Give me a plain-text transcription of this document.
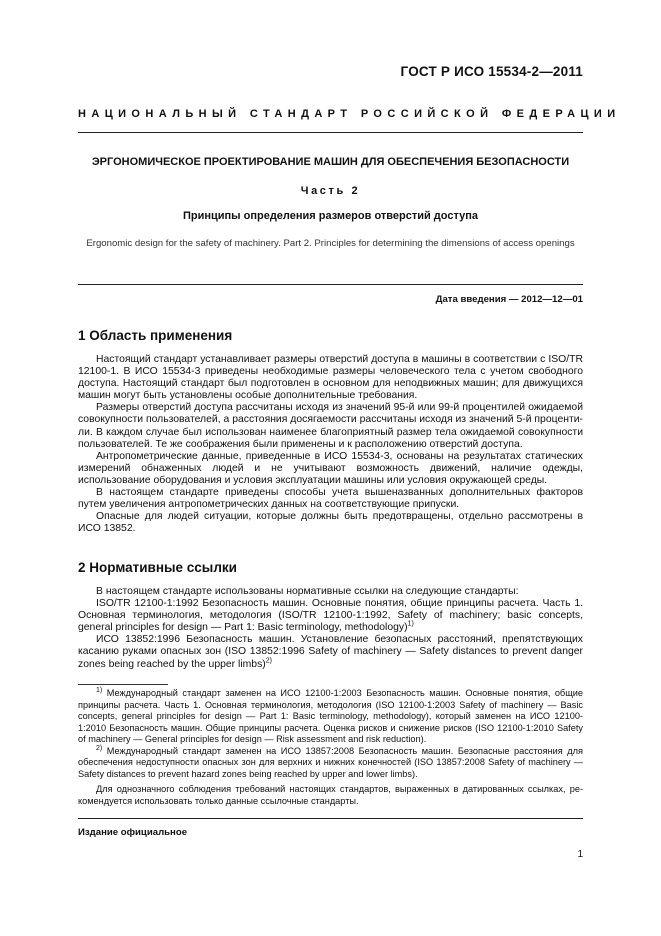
ГОСТ Р ИСО 15534-2—2011
НАЦИОНАЛЬНЫЙ СТАНДАРТ РОССИЙСКОЙ ФЕДЕРАЦИИ
ЭРГОНОМИЧЕСКОЕ ПРОЕКТИРОВАНИЕ МАШИН ДЛЯ ОБЕСПЕЧЕНИЯ БЕЗОПАСНОСТИ
Часть 2
Принципы определения размеров отверстий доступа
Ergonomic design for the safety of machinery. Part 2. Principles for determining the dimensions of access openings
Дата введения — 2012—12—01
1 Область применения

Настоящий стандарт устанавливает размеры отверстий доступа в машины в соответствии с ISO/TR 12100-1. В ИСО 15534-3 приведены необходимые размеры человеческого тела с учетом свободного доступа. Настоящий стандарт был подготовлен в основном для неподвижных машин; для движущихся машин могут быть установлены особые дополнительные требования.

Размеры отверстий доступа рассчитаны исходя из значений 95-й или 99-й процентилей ожидаемой совокупности пользователей, а расстояния досягаемости рассчитаны исходя из значений 5-й процентили. В каждом случае был использован наименее благоприятный размер тела ожидаемой совокупности пользователей. Те же соображения были применены и к расположению отверстий доступа.

Антропометрические данные, приведенные в ИСО 15534-3, основаны на результатах статических измерений обнаженных людей и не учитывают возможность движений, наличие одежды, использование оборудования и условия эксплуатации машины или условия окружающей среды.

В настоящем стандарте приведены способы учета вышеназванных дополнительных факторов путем увеличения антропометрических данных на соответствующие припуски.

Опасные для людей ситуации, которые должны быть предотвращены, отдельно рассмотрены в ИСО 13852.

2 Нормативные ссылки

В настоящем стандарте использованы нормативные ссылки на следующие стандарты:

ISO/TR 12100-1:1992 Безопасность машин. Основные понятия, общие принципы расчета. Часть 1. Основная терминология, методология (ISO/TR 12100-1:1992, Safety of machinery; basic concepts, general principles for design — Part 1: Basic terminology, methodology)$^{1)}$

ИСО 13852:1996 Безопасность машин. Установление безопасных расстояний, препятствующих касанию руками опасных зон (ISO 13852:1996 Safety of machinery — Safety distances to prevent danger zones being reached by the upper limbs)$^{2)}$

$^{1)}$ Международный стандарт заменен на ИСО 12100-1:2003 Безопасность машин. Основные понятия, общие принципы расчета. Часть 1. Основная терминология, методология (ISO 12100-1:2003 Safety of machinery — Basic concepts, general principles for design — Part 1: Basic terminology, methodology), который заменен на ИСО 12100-1:2010 Безопасность машин. Общие принципы расчета. Оценка рисков и снижение рисков (ISO 12100-1:2010 Safety of machinery — General principles for design — Risk assessment and risk reduction).

$^{2)}$ Международный стандарт заменен на ИСО 13857:2008 Безопасность машин. Безопасные расстояния для обеспечения недоступности опасных зон для верхних и нижних конечностей (ISO 13857:2008 Safety of machinery — Safety distances to prevent hazard zones being reached by upper and lower limbs).

Для однозначного соблюдения требований настоящих стандартов, выраженных в датированных ссылках, рекомендуется использовать только данные ссылочные стандарты.

Издание официальное
1
